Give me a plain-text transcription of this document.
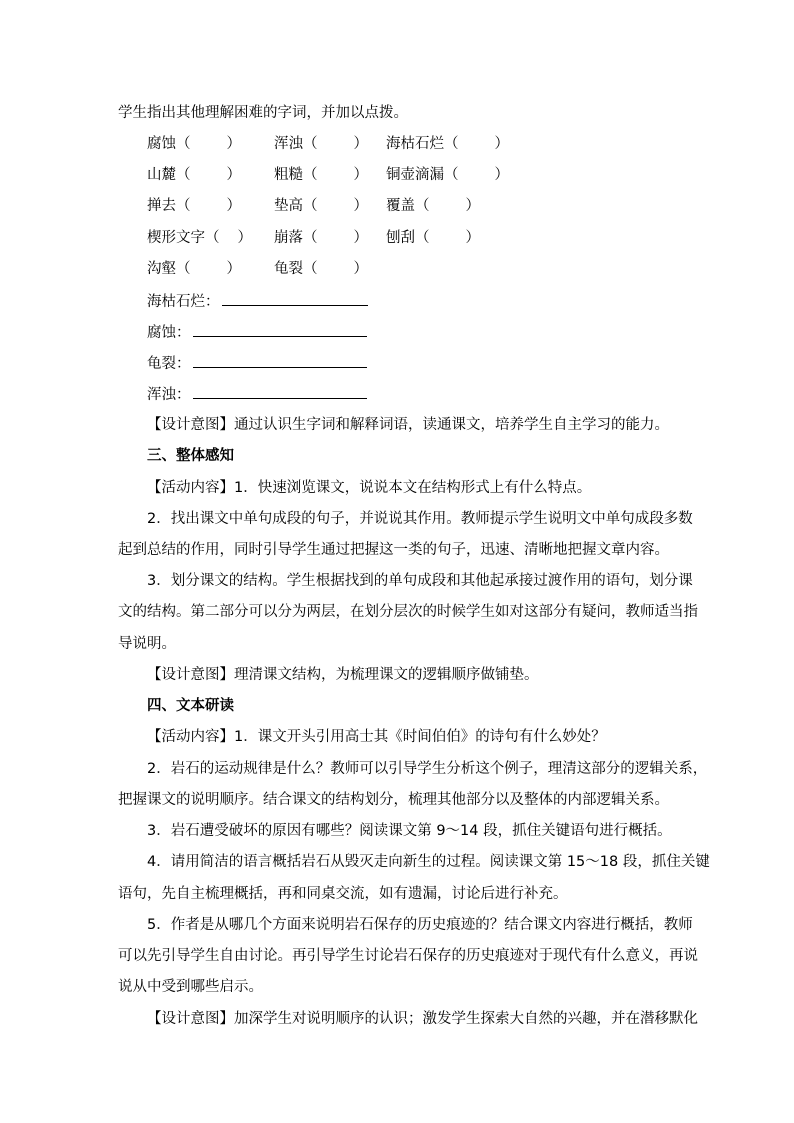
学生指出其他理解困难的字词，并加以点拨。
腐蚀（ ） 浑浊（ ） 海枯石烂（ ）
山麓（ ） 粗糙（ ） 铜壶滴漏（ ）
掸去（ ） 垫高（ ） 覆盖（ ）
楔形文字（ ） 崩落（ ） 刨刮（ ）
沟壑（ ） 龟裂（ ）
海枯石烂：
腐蚀：
龟裂：
浑浊：
【设计意图】通过认识生字词和解释词语，读通课文，培养学生自主学习的能力。
三、整体感知
【活动内容】1．快速浏览课文，说说本文在结构形式上有什么特点。
2．找出课文中单句成段的句子，并说说其作用。教师提示学生说明文中单句成段多数
起到总结的作用，同时引导学生通过把握这一类的句子，迅速、清晰地把握文章内容。
3．划分课文的结构。学生根据找到的单句成段和其他起承接过渡作用的语句，划分课
文的结构。第二部分可以分为两层，在划分层次的时候学生如对这部分有疑问，教师适当指
导说明。
【设计意图】理清课文结构，为梳理课文的逻辑顺序做铺垫。
四、文本研读
【活动内容】1．课文开头引用高士其《时间伯伯》的诗句有什么妙处？
2．岩石的运动规律是什么？教师可以引导学生分析这个例子，理清这部分的逻辑关系，
把握课文的说明顺序。结合课文的结构划分，梳理其他部分以及整体的内部逻辑关系。
3．岩石遭受破坏的原因有哪些？阅读课文第 9～14 段，抓住关键语句进行概括。
4．请用简洁的语言概括岩石从毁灭走向新生的过程。阅读课文第 15～18 段，抓住关键
语句，先自主梳理概括，再和同桌交流，如有遗漏，讨论后进行补充。
5．作者是从哪几个方面来说明岩石保存的历史痕迹的？结合课文内容进行概括，教师
可以先引导学生自由讨论。再引导学生讨论岩石保存的历史痕迹对于现代有什么意义，再说
说从中受到哪些启示。
【设计意图】加深学生对说明顺序的认识；激发学生探索大自然的兴趣，并在潜移默化
